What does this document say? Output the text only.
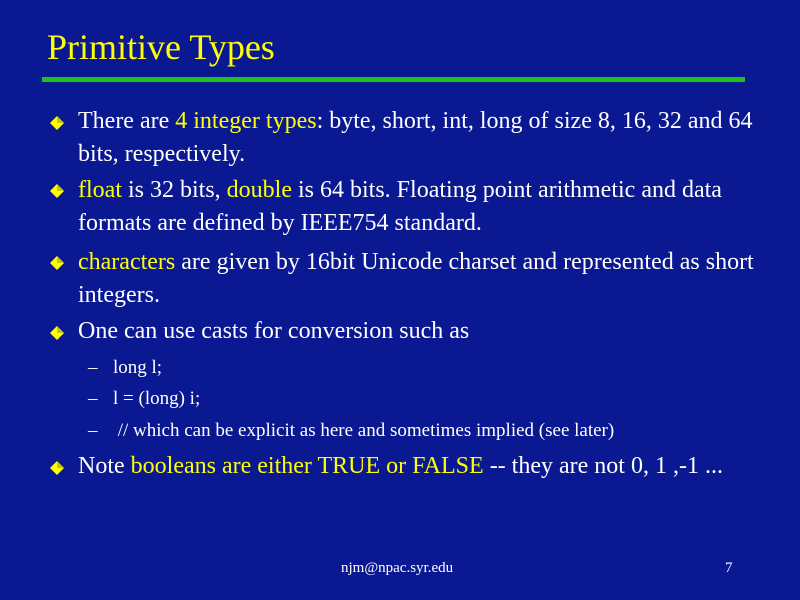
Primitive Types
There are 4 integer types: byte, short, int, long of size 8, 16, 32 and 64 bits, respectively.
float is 32 bits, double is 64 bits. Floating point arithmetic and data formats are defined by IEEE754 standard.
characters are given by 16bit Unicode charset and represented as short integers.
One can use casts for conversion such as
– long l;
– l = (long) i;
– // which can be explicit as here and sometimes implied (see later)
Note booleans are either TRUE or FALSE -- they are not 0, 1 ,-1 ...
njm@npac.syr.edu	7
